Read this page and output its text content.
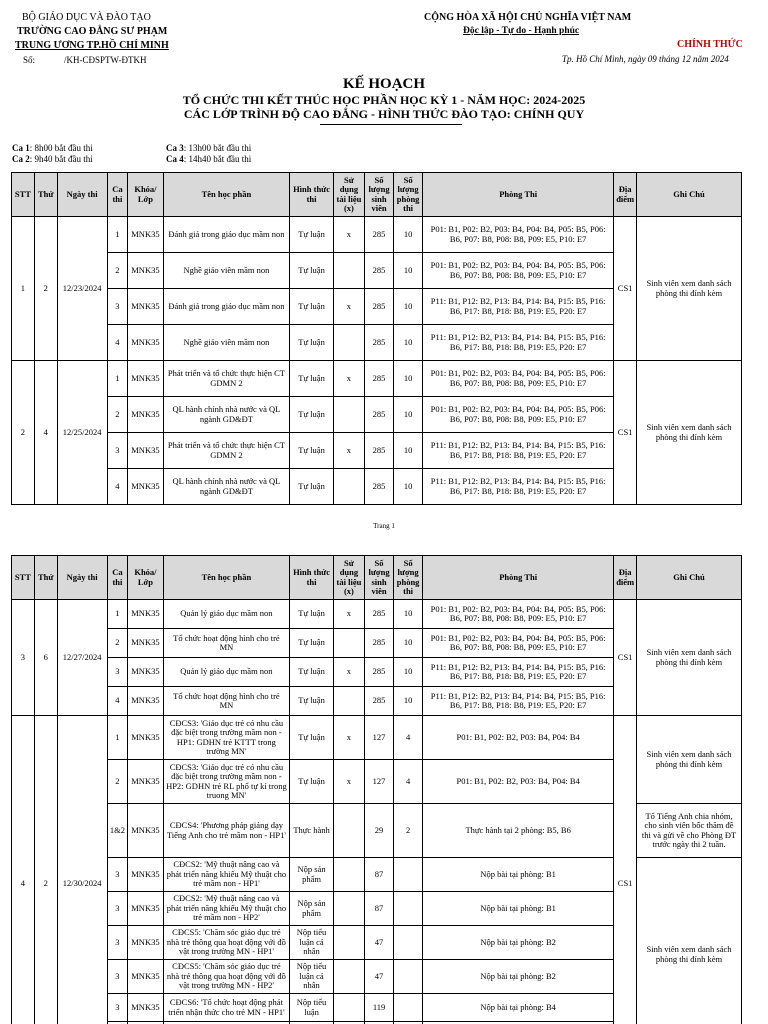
BỘ GIÁO DỤC VÀ ĐÀO TẠO
TRƯỜNG CAO ĐẲNG SƯ PHẠM
TRUNG ƯƠNG TP.HỒ CHÍ MINH
Số:	/KH-CĐSPTW-ĐTKH
CỘNG HÒA XÃ HỘI CHỦ NGHĨA VIỆT NAM
Độc lập - Tự do - Hạnh phúc
CHÍNH THỨC
Tp. Hồ Chí Minh, ngày 09 tháng 12 năm 2024
KẾ HOẠCH
TỔ CHỨC THI KẾT THÚC HỌC PHẦN HỌC KỲ 1 - NĂM HỌC: 2024-2025
CÁC LỚP TRÌNH ĐỘ CAO ĐẲNG - HÌNH THỨC ĐÀO TẠO: CHÍNH QUY
Ca 1: 8h00 bắt đầu thi
Ca 2: 9h40 bắt đầu thi
Ca 3: 13h00 bắt đầu thi
Ca 4: 14h40 bắt đầu thi
STT	Thứ	Ngày thi	Ca thi	Khóa/ Lớp	Tên học phần	Hình thức thi	Sử dụng tài liệu (x)	Số lượng sinh viên	Số lượng phòng thi	Phòng Thi	Địa điểm	Ghi Chú
1	2	12/23/2024	1	MNK35	Đánh giá trong giáo dục mầm non	Tự luận	x	285	10	P01: B1, P02: B2, P03: B4, P04: B4, P05: B5, P06: B6, P07: B8, P08: B8, P09: E5, P10: E7	CS1	Sinh viên xem danh sách phòng thi đính kèm
			2	MNK35	Nghề giáo viên mầm non	Tự luận		285	10	P01: B1, P02: B2, P03: B4, P04: B4, P05: B5, P06: B6, P07: B8, P08: B8, P09: E5, P10: E7		
			3	MNK35	Đánh giá trong giáo dục mầm non	Tự luận	x	285	10	P11: B1, P12: B2, P13: B4, P14: B4, P15: B5, P16: B6, P17: B8, P18: B8, P19: E5, P20: E7		
			4	MNK35	Nghề giáo viên mầm non	Tự luận		285	10	P11: B1, P12: B2, P13: B4, P14: B4, P15: B5, P16: B6, P17: B8, P18: B8, P19: E5, P20: E7		
2	4	12/25/2024	1	MNK35	Phát triển và tổ chức thực hiện CT GDMN 2	Tự luận	x	285	10	P01: B1, P02: B2, P03: B4, P04: B4, P05: B5, P06: B6, P07: B8, P08: B8, P09: E5, P10: E7	CS1	Sinh viên xem danh sách phòng thi đính kèm
			2	MNK35	QL hành chính nhà nước và QL ngành GD&ĐT	Tự luận		285	10	P01: B1, P02: B2, P03: B4, P04: B4, P05: B5, P06: B6, P07: B8, P08: B8, P09: E5, P10: E7		
			3	MNK35	Phát triển và tổ chức thực hiện CT GDMN 2	Tự luận	x	285	10	P11: B1, P12: B2, P13: B4, P14: B4, P15: B5, P16: B6, P17: B8, P18: B8, P19: E5, P20: E7		
			4	MNK35	QL hành chính nhà nước và QL ngành GD&ĐT	Tự luận		285	10	P11: B1, P12: B2, P13: B4, P14: B4, P15: B5, P16: B6, P17: B8, P18: B8, P19: E5, P20: E7		
Trang 1
STT	Thứ	Ngày thi	Ca thi	Khóa/ Lớp	Tên học phần	Hình thức thi	Sử dụng tài liệu (x)	Số lượng sinh viên	Số lượng phòng thi	Phòng Thi	Địa điểm	Ghi Chú
3	6	12/27/2024	1	MNK35	Quản lý giáo dục mầm non	Tự luận	x	285	10	P01: B1, P02: B2, P03: B4, P04: B4, P05: B5, P06: B6, P07: B8, P08: B8, P09: E5, P10: E7	CS1	Sinh viên xem danh sách phòng thi đính kèm
			2	MNK35	Tổ chức hoạt động hình cho trẻ MN	Tự luận		285	10	P01: B1, P02: B2, P03: B4, P04: B4, P05: B5, P06: B6, P07: B8, P08: B8, P09: E5, P10: E7		
			3	MNK35	Quản lý giáo dục mầm non	Tự luận	x	285	10	P11: B1, P12: B2, P13: B4, P14: B4, P15: B5, P16: B6, P17: B8, P18: B8, P19: E5, P20: E7		
			4	MNK35	Tổ chức hoạt động hình cho trẻ MN	Tự luận		285	10	P11: B1, P12: B2, P13: B4, P14: B4, P15: B5, P16: B6, P17: B8, P18: B8, P19: E5, P20: E7		
4	2	12/30/2024	1	MNK35	CĐCS3: 'Giáo dục trẻ có nhu cầu đặc biệt trong trường mầm non - HP1: GDHN trẻ KTTT trong trường MN'	Tự luận	x	127	4	P01: B1, P02: B2, P03: B4, P04: B4	CS1	Sinh viên xem danh sách phòng thi đính kèm
			2	MNK35	CĐCS3: 'Giáo dục trẻ có nhu cầu đặc biệt trong trường mầm non - HP2: GDHN trẻ RL phổ tự kỉ trong truong MN'	Tự luận	x	127	4	P01: B1, P02: B2, P03: B4, P04: B4		
			1&2	MNK35	CĐCS4: 'Phương pháp giảng dạy Tiếng Anh cho trẻ mầm non - HP1'	Thực hành		29	2	Thực hành tại 2 phòng: B5, B6		Tổ Tiếng Anh chia nhóm, cho sinh viên bốc thăm đề thi và gửi về cho Phòng ĐT trước ngày thi 2 tuần.
			3	MNK35	CĐCS2: 'Mỹ thuật nâng cao và phát triển năng khiếu Mỹ thuật cho trẻ mầm non - HP1'	Nộp sản phẩm		87		Nộp bài tại phòng: B1		Sinh viên xem danh sách phòng thi đính kèm
			3	MNK35	CĐCS2: 'Mỹ thuật nâng cao và phát triển năng khiếu Mỹ thuật cho trẻ mầm non - HP2'	Nộp sản phẩm		87		Nộp bài tại phòng: B1		
			3	MNK35	CĐCS5: 'Chăm sóc giáo dục trẻ nhà trẻ thông qua hoạt động với đồ vật trong trường MN - HP1'	Nộp tiểu luận cá nhân		47		Nộp bài tại phòng: B2		
			3	MNK35	CĐCS5: 'Chăm sóc giáo dục trẻ nhà trẻ thông qua hoạt động với đồ vật trong trường MN - HP2'	Nộp tiểu luận cá nhân		47		Nộp bài tại phòng: B2		
			3	MNK35	CĐCS6: 'Tổ chức hoạt động phát triển nhận thức cho trẻ MN - HP1'	Nộp tiểu luận		119		Nộp bài tại phòng: B4		
